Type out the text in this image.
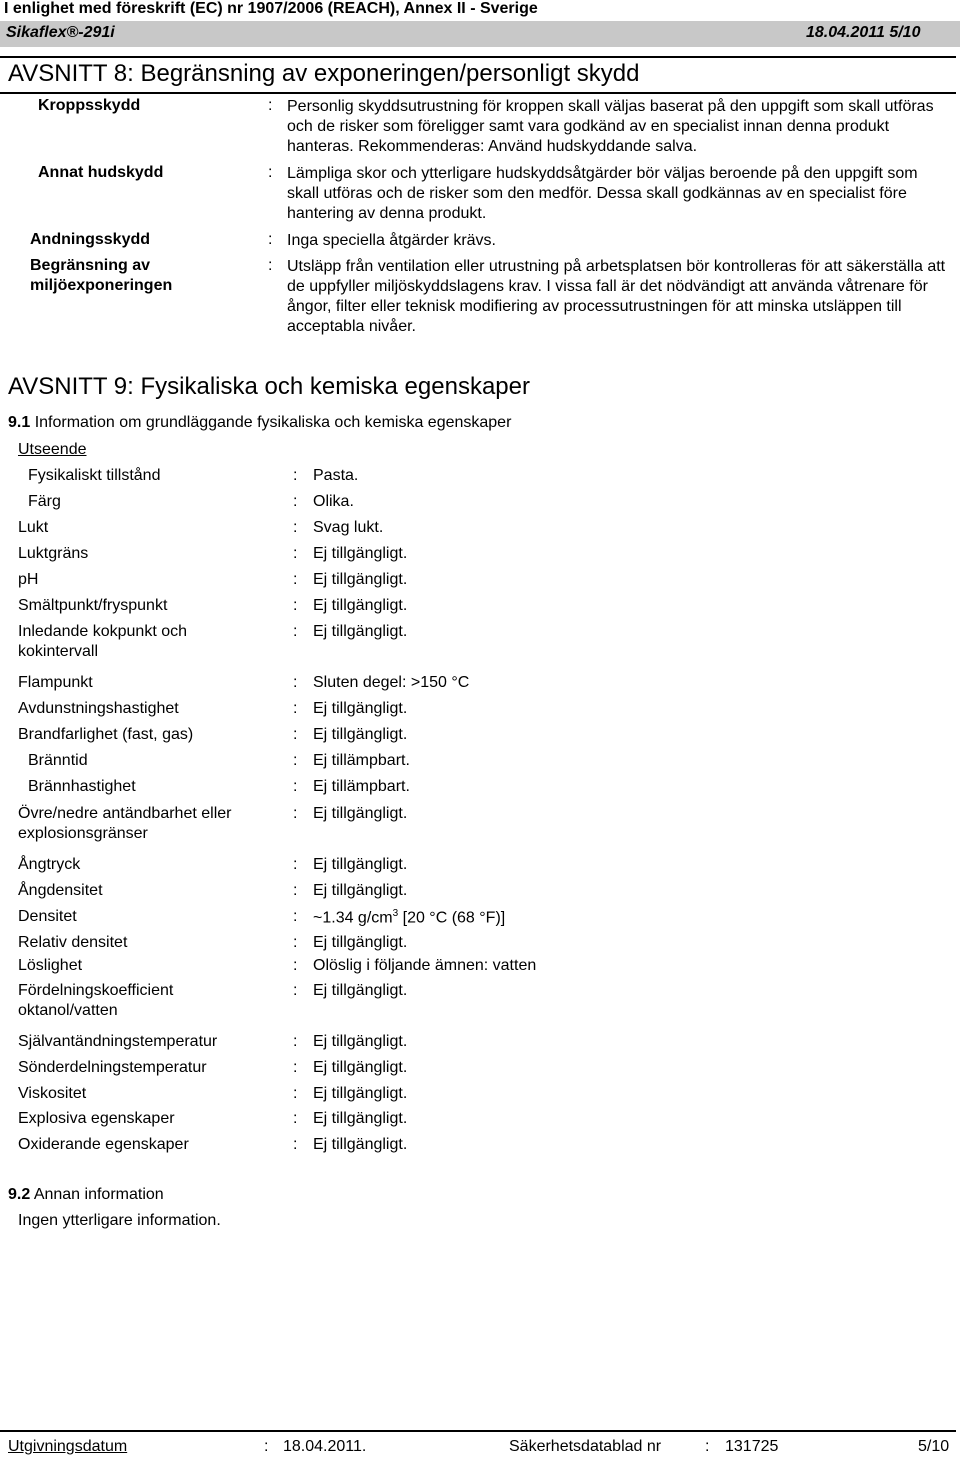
I enlighet med föreskrift (EC) nr 1907/2006 (REACH), Annex II - Sverige
Sikaflex®-291i	18.04.2011 5/10
AVSNITT 8: Begränsning av exponeringen/personligt skydd
Kroppsskydd	: Personlig skyddsutrustning för kroppen skall väljas baserat på den uppgift som skall utföras och de risker som föreligger samt vara godkänd av en specialist innan denna produkt hanteras. Rekommenderas: Använd hudskyddande salva.
Annat hudskydd	: Lämpliga skor och ytterligare hudskyddsåtgärder bör väljas beroende på den uppgift som skall utföras och de risker som den medför. Dessa skall godkännas av en specialist före hantering av denna produkt.
Andningsskydd	: Inga speciella åtgärder krävs.
Begränsning av
miljöexponeringen
: Utsläpp från ventilation eller utrustning på arbetsplatsen bör kontrolleras för att säkerställa att de uppfyller miljöskyddslagens krav. I vissa fall är det nödvändigt att använda våtrenare för ångor, filter eller teknisk modifiering av processutrustningen för att minska utsläppen till acceptabla nivåer.
AVSNITT 9: Fysikaliska och kemiska egenskaper
9.1 Information om grundläggande fysikaliska och kemiska egenskaper
Utseende
Fysikaliskt tillstånd	: Pasta.
Färg	: Olika.
Lukt	: Svag lukt.
Luktgräns	: Ej tillgängligt.
pH	: Ej tillgängligt.
Smältpunkt/fryspunkt	: Ej tillgängligt.
Inledande kokpunkt och
kokintervall
: Ej tillgängligt.
Flampunkt	: Sluten degel: >150 °C
Avdunstningshastighet	: Ej tillgängligt.
Brandfarlighet (fast, gas)	: Ej tillgängligt.
Bränntid	: Ej tillämpbart.
Brännhastighet	: Ej tillämpbart.
Övre/nedre antändbarhet eller
explosionsgränser
: Ej tillgängligt.
Ångtryck	: Ej tillgängligt.
Ångdensitet	: Ej tillgängligt.
Densitet	: ~1.34 $g/cm^3$ [20 °C (68 °F)]
Relativ densitet	: Ej tillgängligt.
Löslighet	: Olöslig i följande ämnen: vatten
Fördelningskoefficient
oktanol/vatten
: Ej tillgängligt.
Självantändningstemperatur	: Ej tillgängligt.
Sönderdelningstemperatur	: Ej tillgängligt.
Viskositet	: Ej tillgängligt.
Explosiva egenskaper	: Ej tillgängligt.
Oxiderande egenskaper	: Ej tillgängligt.
9.2 Annan information
Ingen ytterligare information.
Utgivningsdatum	: 18.04.2011.	Säkerhetsdatablad nr	: 131725	5/10
